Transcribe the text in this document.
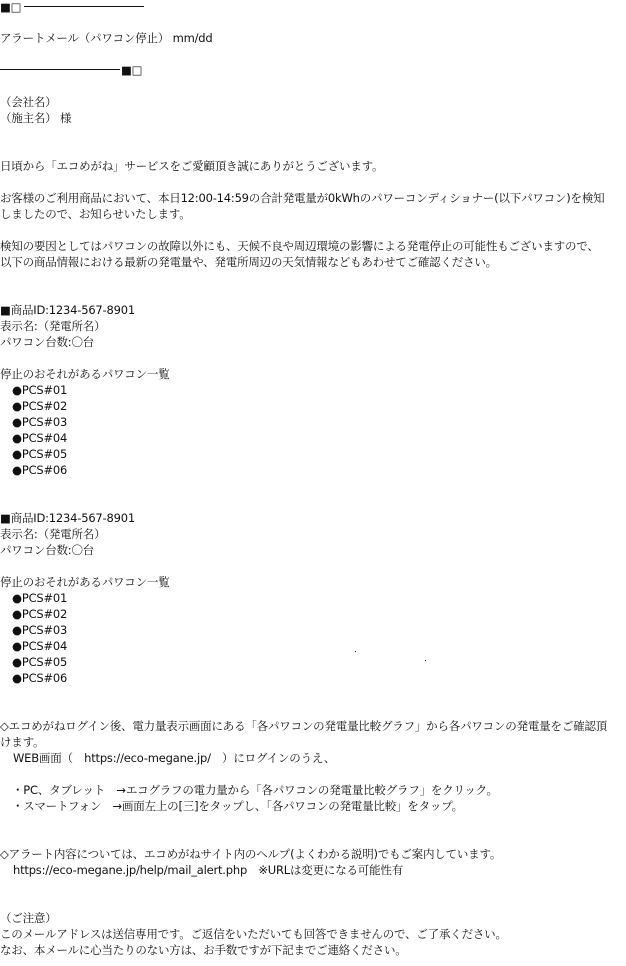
■□
アラートメール（パワコン停止） mm/dd
■□
（会社名）
（施主名） 様
日頃から「エコめがね」サービスをご愛顧頂き誠にありがとうございます。
お客様のご利用商品において、本日12:00-14:59の合計発電量が0kWhのパワーコンディショナー(以下パワコン)を検知
しましたので、お知らせいたします。
検知の要因としてはパワコンの故障以外にも、天候不良や周辺環境の影響による発電停止の可能性もございますので、
以下の商品情報における最新の発電量や、発電所周辺の天気情報などもあわせてご確認ください。
■商品ID:1234-567-8901
表示名:（発電所名）
パワコン台数:〇台
停止のおそれがあるパワコン一覧
●PCS#01
●PCS#02
●PCS#03
●PCS#04
●PCS#05
●PCS#06
■商品ID:1234-567-8901
表示名:（発電所名）
パワコン台数:〇台
停止のおそれがあるパワコン一覧
●PCS#01
●PCS#02
●PCS#03
●PCS#04
●PCS#05
●PCS#06
◇エコめがねログイン後、電力量表示画面にある「各パワコンの発電量比較グラフ」から各パワコンの発電量をご確認頂
けます。
WEB画面（　https://eco-megane.jp/　）にログインのうえ、
・PC、タブレット　→エコグラフの電力量から「各パワコンの発電量比較グラフ」をクリック。
・スマートフォン　→画面左上の[三]をタップし、「各パワコンの発電量比較」をタップ。
◇アラート内容については、エコめがねサイト内のヘルプ(よくわかる説明)でもご案内しています。
https://eco-megane.jp/help/mail_alert.php　※URLは変更になる可能性有
（ご注意）
このメールアドレスは送信専用です。ご返信をいただいても回答できませんので、ご了承ください。
なお、本メールに心当たりのない方は、お手数ですが下記までご連絡ください。
